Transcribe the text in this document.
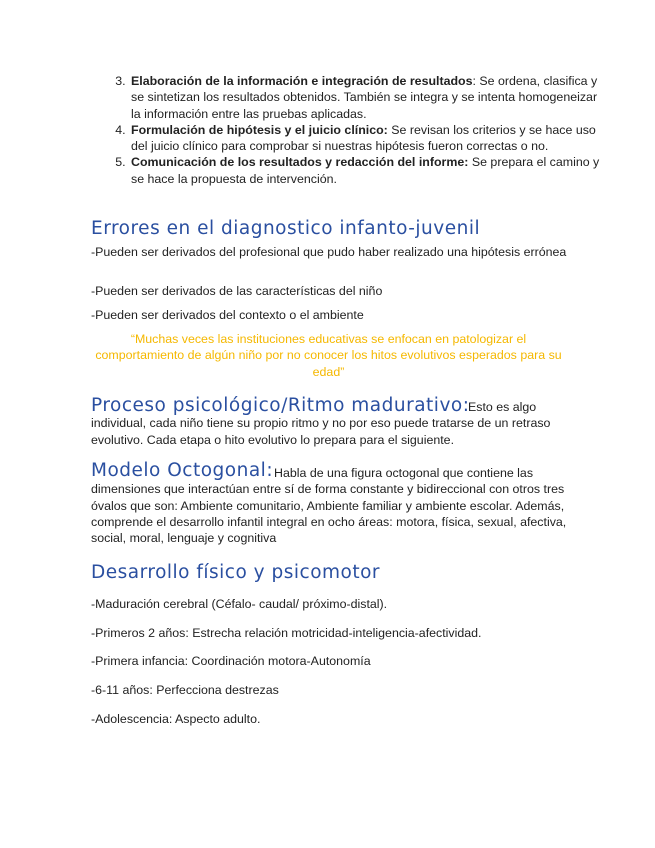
3. Elaboración de la información e integración de resultados: Se ordena, clasifica y se sintetizan los resultados obtenidos. También se integra y se intenta homogeneizar la información entre las pruebas aplicadas.
4. Formulación de hipótesis y el juicio clínico: Se revisan los criterios y se hace uso del juicio clínico para comprobar si nuestras hipótesis fueron correctas o no.
5. Comunicación de los resultados y redacción del informe: Se prepara el camino y se hace la propuesta de intervención.
Errores en el diagnostico infanto-juvenil

-Pueden ser derivados del profesional que pudo haber realizado una hipótesis errónea

-Pueden ser derivados de las características del niño

-Pueden ser derivados del contexto o el ambiente

“Muchas veces las instituciones educativas se enfocan en patologizar el comportamiento de algún niño por no conocer los hitos evolutivos esperados para su edad”

Proceso psicológico/Ritmo madurativo:

Esto es algo individual, cada niño tiene su propio ritmo y no por eso puede tratarse de un retraso evolutivo. Cada etapa o hito evolutivo lo prepara para el siguiente.

Modelo Octogonal: Habla de una figura octogonal que contiene las dimensiones que interactúan entre sí de forma constante y bidireccional con otros tres óvalos que son: Ambiente comunitario, Ambiente familiar y ambiente escolar. Además, comprende el desarrollo infantil integral en ocho áreas: motora, física, sexual, afectiva, social, moral, lenguaje y cognitiva

Desarrollo físico y psicomotor

-Maduración cerebral (Céfalo- caudal/ próximo-distal).

-Primeros 2 años: Estrecha relación motricidad-inteligencia-afectividad.

-Primera infancia: Coordinación motora-Autonomía

-6-11 años: Perfecciona destrezas

-Adolescencia: Aspecto adulto.
